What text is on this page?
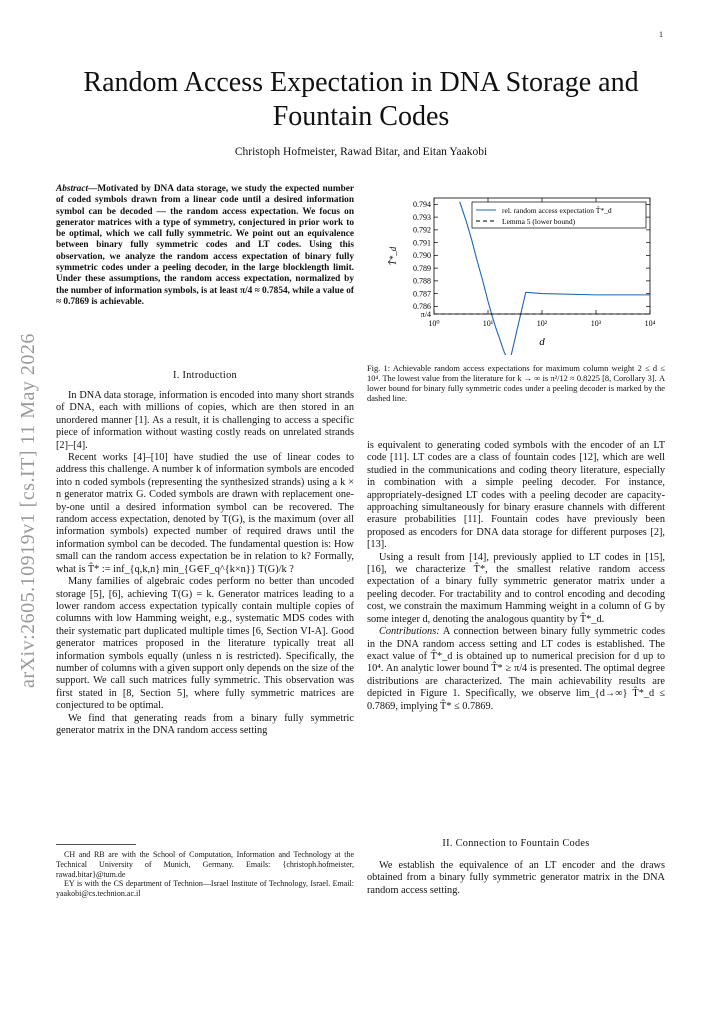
1
arXiv:2605.10919v1 [cs.IT] 11 May 2026
Random Access Expectation in DNA Storage and Fountain Codes
Christoph Hofmeister, Rawad Bitar, and Eitan Yaakobi
Abstract—Motivated by DNA data storage, we study the expected number of coded symbols drawn from a linear code until a desired information symbol can be decoded — the random access expectation. We focus on generator matrices with a type of symmetry, conjectured in prior work to be optimal, which we call fully symmetric. We point out an equivalence between binary fully symmetric codes and LT codes. Using this observation, we analyze the random access expectation of binary fully symmetric codes under a peeling decoder, in the large blocklength limit. Under these assumptions, the random access expectation, normalized by the number of information symbols, is at least π/4 ≈ 0.7854, while a value of ≈ 0.7869 is achievable.
I. Introduction

In DNA data storage, information is encoded into many short strands of DNA, each with millions of copies, which are then stored in an unordered manner [1]. As a result, it is challenging to access a specific piece of information without wasting costly reads on unrelated strands [2]–[4].

Recent works [4]–[10] have studied the use of linear codes to address this challenge. A number k of information symbols are encoded into n coded symbols (representing the synthesized strands) using a k × n generator matrix G. Coded symbols are drawn with replacement one-by-one until a desired information symbol can be recovered. The random access expectation, denoted by T(G), is the maximum (over all information symbols) expected number of required draws until the information symbol can be decoded. The fundamental question is: How small can the random access expectation be in relation to k? Formally, what is T̂* := inf_{q,k,n} min_{G∈F_q^{k×n}} T(G)/k ?

Many families of algebraic codes perform no better than uncoded storage [5], [6], achieving T(G) = k. Generator matrices leading to a lower random access expectation typically contain multiple copies of columns with low Hamming weight, e.g., systematic MDS codes with their systematic part duplicated multiple times [6, Section VI-A]. Good generator matrices proposed in the literature typically treat all information symbols equally (unless n is restricted). Specifically, the number of columns with a given support only depends on the size of the support. We call such matrices fully symmetric. This observation was first stated in [8, Section 5], where fully symmetric matrices are conjectured to be optimal.

We find that generating reads from a binary fully symmetric generator matrix in the DNA random access setting

CH and RB are with the School of Computation, Information and Technology at the Technical University of Munich, Germany. Emails: {christoph.hofmeister, rawad.bitar}@tum.de

EY is with the CS department of Technion—Israel Institute of Technology, Israel. Email: yaakobi@cs.technion.ac.il

π/4
0.786
0.787
0.788
0.789
0.790
0.791
0.792
0.793
0.794
10⁰	10¹	10²	10³	10⁴
d
T̂*_d
rel. random access expectation T̂*_d
Lemma 5 (lower bound)
Fig. 1: Achievable random access expectations for maximum column weight 2 ≤ d ≤ 10⁴. The lowest value from the literature for k → ∞ is π²/12 ≈ 0.8225 [8, Corollary 3]. A lower bound for binary fully symmetric codes under a peeling decoder is marked by the dashed line.

is equivalent to generating coded symbols with the encoder of an LT code [11]. LT codes are a class of fountain codes [12], which are well studied in the communications and coding theory literature, especially in combination with a simple peeling decoder. For instance, appropriately-designed LT codes with a peeling decoder are capacity-approaching simultaneously for binary erasure channels with different erasure probabilities [11]. Fountain codes have previously been proposed as encoders for DNA data storage for different purposes [2], [13].

Using a result from [14], previously applied to LT codes in [15], [16], we characterize T̂*, the smallest relative random access expectation of a binary fully symmetric generator matrix under a peeling decoder. For tractability and to control encoding and decoding cost, we constrain the maximum Hamming weight in a column of G by some integer d, denoting the analogous quantity by T̂*_d.

Contributions: A connection between binary fully symmetric codes in the DNA random access setting and LT codes is established. The exact value of T̂*_d is obtained up to numerical precision for d up to 10⁴. An analytic lower bound T̂* ≥ π/4 is presented. The optimal degree distributions are characterized. The main achievability results are depicted in Figure 1. Specifically, we observe lim_{d→∞} T̂*_d ≤ 0.7869, implying T̂* ≤ 0.7869.

II. Connection to Fountain Codes

We establish the equivalence of an LT encoder and the draws obtained from a binary fully symmetric generator matrix in the DNA random access setting.
